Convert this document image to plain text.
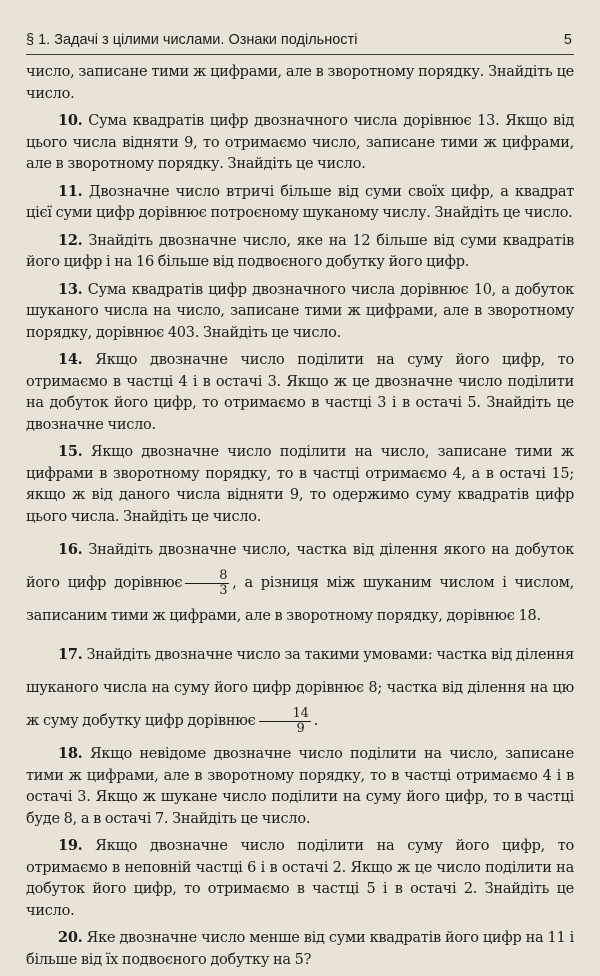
§ 1. Задачі з цілими числами. Ознаки подільності	5

число, записане тими ж цифрами, але в зворотному порядку. Знайдіть це число.

10. Сума квадратів цифр двозначного числа дорівнює 13. Якщо від цього числа відняти 9, то отримаємо число, записане тими ж цифрами, але в зворотному порядку. Знайдіть це число.

11. Двозначне число втричі більше від суми своїх цифр, а квадрат цієї суми цифр дорівнює потроєному шуканому числу. Знайдіть це число.

12. Знайдіть двозначне число, яке на 12 більше від суми квадратів його цифр і на 16 більше від подвоєного добутку його цифр.

13. Сума квадратів цифр двозначного числа дорівнює 10, а добуток шуканого числа на число, записане тими ж цифрами, але в зворотному порядку, дорівнює 403. Знайдіть це число.

14. Якщо двозначне число поділити на суму його цифр, то отримаємо в частці 4 і в остачі 3. Якщо ж це двозначне число поділити на добуток його цифр, то отримаємо в частці 3 і в остачі 5. Знайдіть це двозначне число.

15. Якщо двозначне число поділити на число, записане тими ж цифрами в зворотному порядку, то в частці отримаємо 4, а в остачі 15; якщо ж від даного числа відняти 9, то одержимо суму квадратів цифр цього числа. Знайдіть це число.

16. Знайдіть двозначне число, частка від ділення якого на добуток його цифр дорівнює $\frac{8}{3}$ , а різниця між шуканим числом і числом, записаним тими ж цифрами, але в зворотному порядку, дорівнює 18.

17. Знайдіть двозначне число за такими умовами: частка від ділення шуканого числа на суму його цифр дорівнює 8; частка від ділення на цю ж суму добутку цифр дорівнює $\frac{14}{9}$ .

18. Якщо невідоме двозначне число поділити на число, записане тими ж цифрами, але в зворотному порядку, то в частці отримаємо 4 і в остачі 3. Якщо ж шукане число поділити на суму його цифр, то в частці буде 8, а в остачі 7. Знайдіть це число.

19. Якщо двозначне число поділити на суму його цифр, то отримаємо в неповній частці 6 і в остачі 2. Якщо ж це число поділити на добуток його цифр, то отримаємо в частці 5 і в остачі 2. Знайдіть це число.

20. Яке двозначне число менше від суми квадратів його цифр на 11 і більше від їх подвоєного добутку на 5?
